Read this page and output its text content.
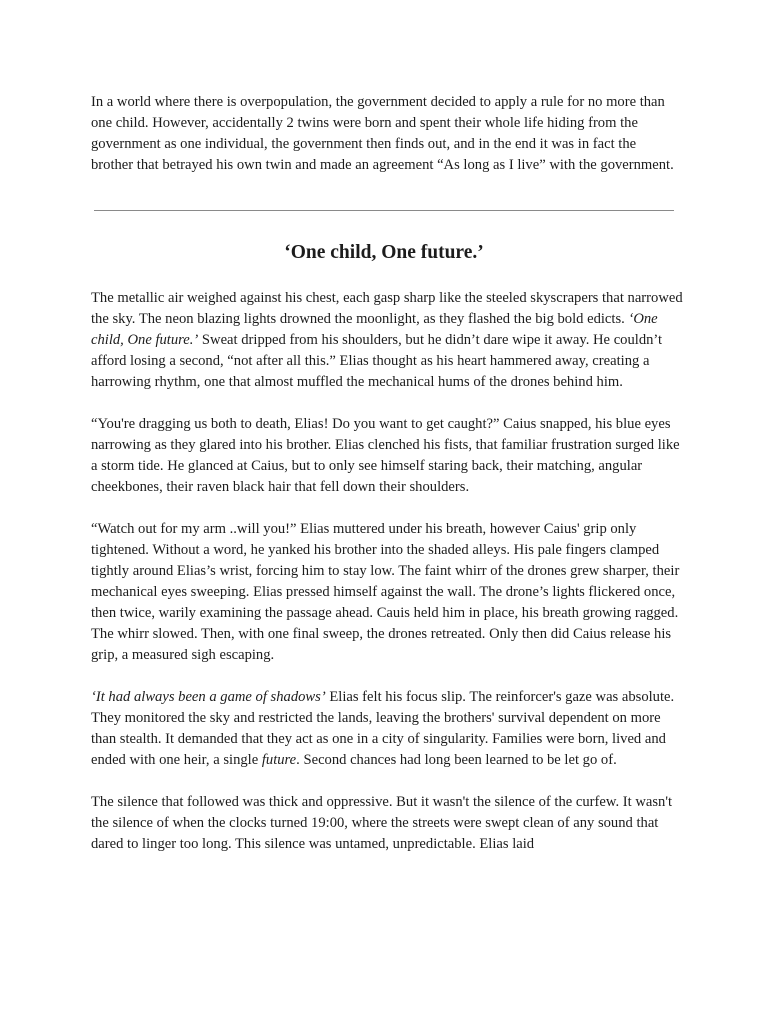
In a world where there is overpopulation, the government decided to apply a rule for no more than one child. However, accidentally 2 twins were born and spent their whole life hiding from the government as one individual, the government then finds out, and in the end it was in fact the brother that betrayed his own twin and made an agreement “As long as I live” with the government.

‘One child, One future.’

The metallic air weighed against his chest, each gasp sharp like the steeled skyscrapers that narrowed the sky. The neon blazing lights drowned the moonlight, as they flashed the big bold edicts. ‘One child, One future.’ Sweat dripped from his shoulders, but he didn’t dare wipe it away. He couldn’t afford losing a second, “not after all this.” Elias thought as his heart hammered away, creating a harrowing rhythm, one that almost muffled the mechanical hums of the drones behind him.

“You're dragging us both to death, Elias! Do you want to get caught?” Caius snapped, his blue eyes narrowing as they glared into his brother. Elias clenched his fists, that familiar frustration surged like a storm tide. He glanced at Caius, but to only see himself staring back, their matching, angular cheekbones, their raven black hair that fell down their shoulders.

“Watch out for my arm ..will you!” Elias muttered under his breath, however Caius' grip only tightened. Without a word, he yanked his brother into the shaded alleys. His pale fingers clamped tightly around Elias’s wrist, forcing him to stay low. The faint whirr of the drones grew sharper, their mechanical eyes sweeping. Elias pressed himself against the wall. The drone’s lights flickered once, then twice, warily examining the passage ahead. Cauis held him in place, his breath growing ragged. The whirr slowed. Then, with one final sweep, the drones retreated. Only then did Caius release his grip, a measured sigh escaping.

‘It had always been a game of shadows’ Elias felt his focus slip. The reinforcer's gaze was absolute. They monitored the sky and restricted the lands, leaving the brothers' survival dependent on more than stealth. It demanded that they act as one in a city of singularity. Families were born, lived and ended with one heir, a single future. Second chances had long been learned to be let go of.

The silence that followed was thick and oppressive. But it wasn't the silence of the curfew. It wasn't the silence of when the clocks turned 19:00, where the streets were swept clean of any sound that dared to linger too long. This silence was untamed, unpredictable. Elias laid
